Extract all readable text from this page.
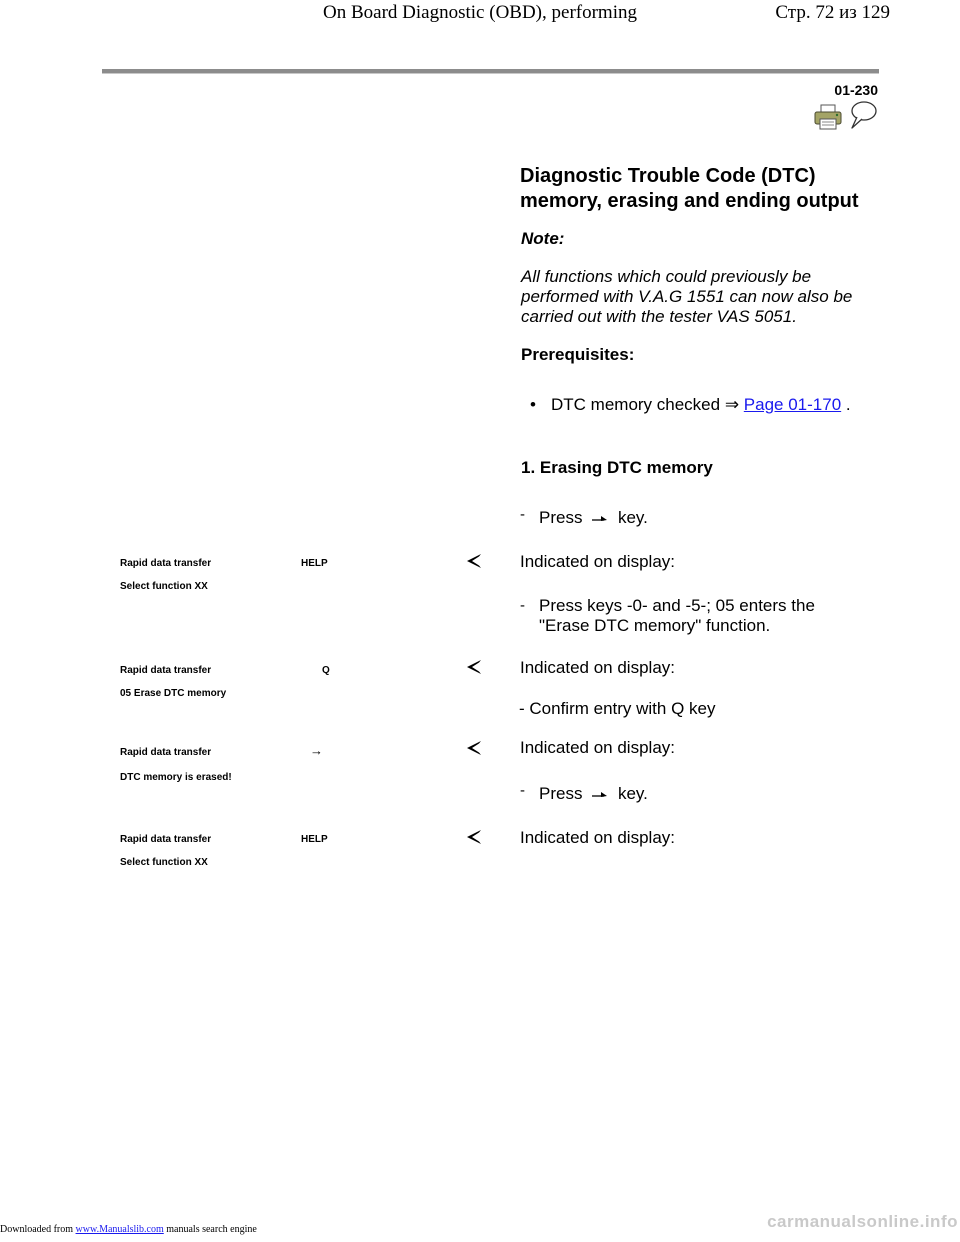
On Board Diagnostic (OBD), performing	Стр. 72 из 129
01-230
Diagnostic Trouble Code (DTC) memory, erasing and ending output
Note:
All functions which could previously be performed with V.A.G 1551 can now also be carried out with the tester VAS 5051.
Prerequisites:
• DTC memory checked ⇒ Page 01-170 .
1. Erasing DTC memory
- Press key.
Rapid data transfer	HELP
Select function XX
Indicated on display:
- Press keys -0- and -5-; 05 enters the "Erase DTC memory" function.
Rapid data transfer	Q
05 Erase DTC memory
Indicated on display:
- Confirm entry with Q key
Rapid data transfer	→
DTC memory is erased!
Indicated on display:
- Press key.
Rapid data transfer	HELP
Select function XX
Indicated on display:
Downloaded from www.Manualslib.com manuals search engine	carmanualsonline.info
